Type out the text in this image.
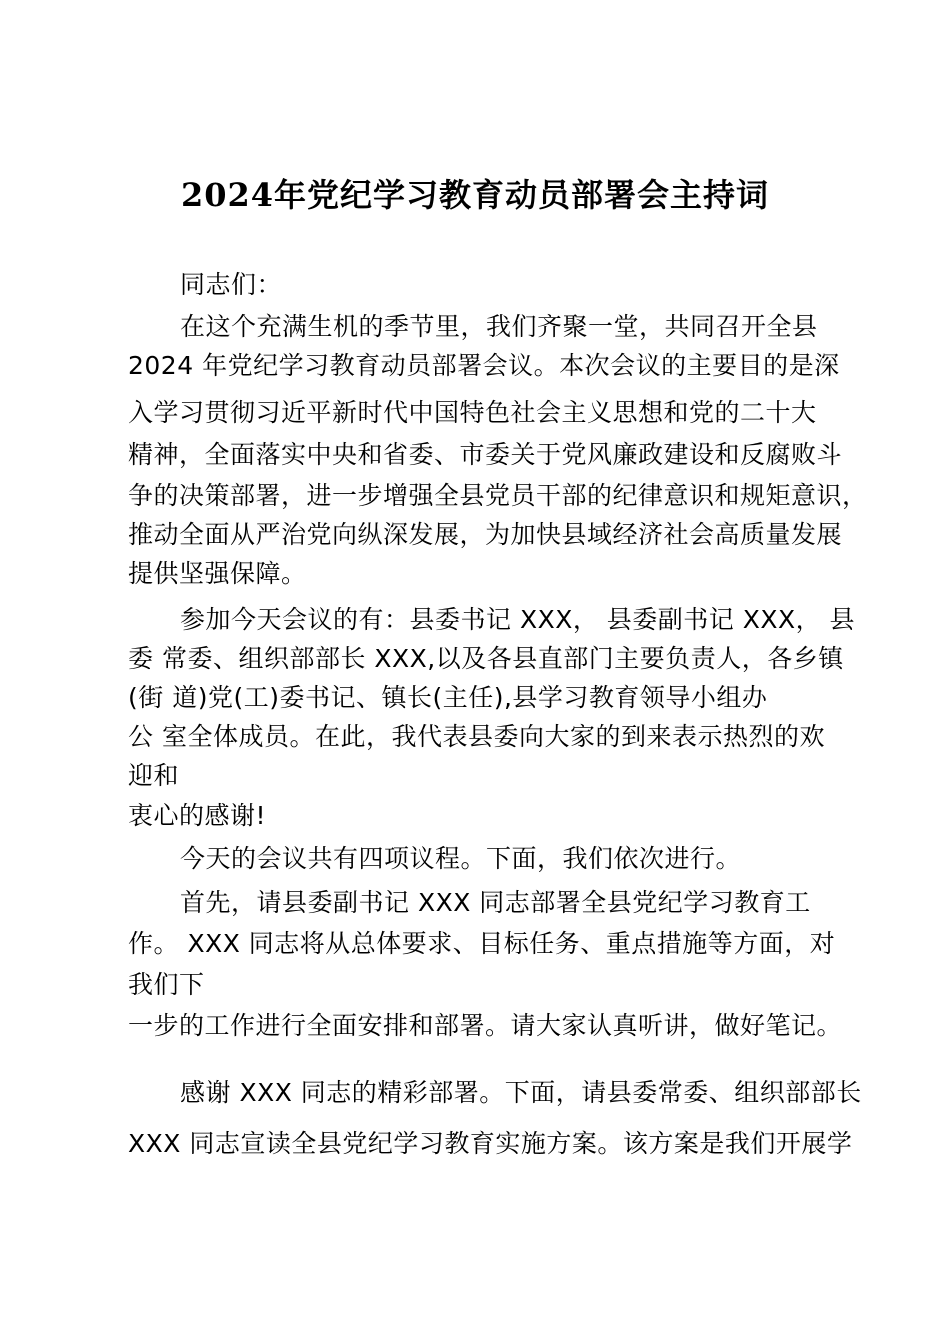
2024年党纪学习教育动员部署会主持词
同志们：
在这个充满生机的季节里，我们齐聚一堂，共同召开全县
2024 年党纪学习教育动员部署会议。本次会议的主要目的是深
入学习贯彻习近平新时代中国特色社会主义思想和党的二十大
精神，全面落实中央和省委、市委关于党风廉政建设和反腐败斗
争的决策部署，进一步增强全县党员干部的纪律意识和规矩意识，
推动全面从严治党向纵深发展，为加快县域经济社会高质量发展
提供坚强保障。
参加今天会议的有：县委书记 XXX， 县委副书记 XXX， 县
委 常委、组织部部长 XXX,以及各县直部门主要负责人，各乡镇
(街 道)党(工)委书记、镇长(主任),县学习教育领导小组办
公 室全体成员。在此，我代表县委向大家的到来表示热烈的欢
迎和
衷心的感谢!
今天的会议共有四项议程。下面，我们依次进行。
首先，请县委副书记 XXX 同志部署全县党纪学习教育工
作。 XXX 同志将从总体要求、目标任务、重点措施等方面，对
我们下
一步的工作进行全面安排和部署。请大家认真听讲，做好笔记。
感谢 XXX 同志的精彩部署。下面，请县委常委、组织部部长
XXX 同志宣读全县党纪学习教育实施方案。该方案是我们开展学
